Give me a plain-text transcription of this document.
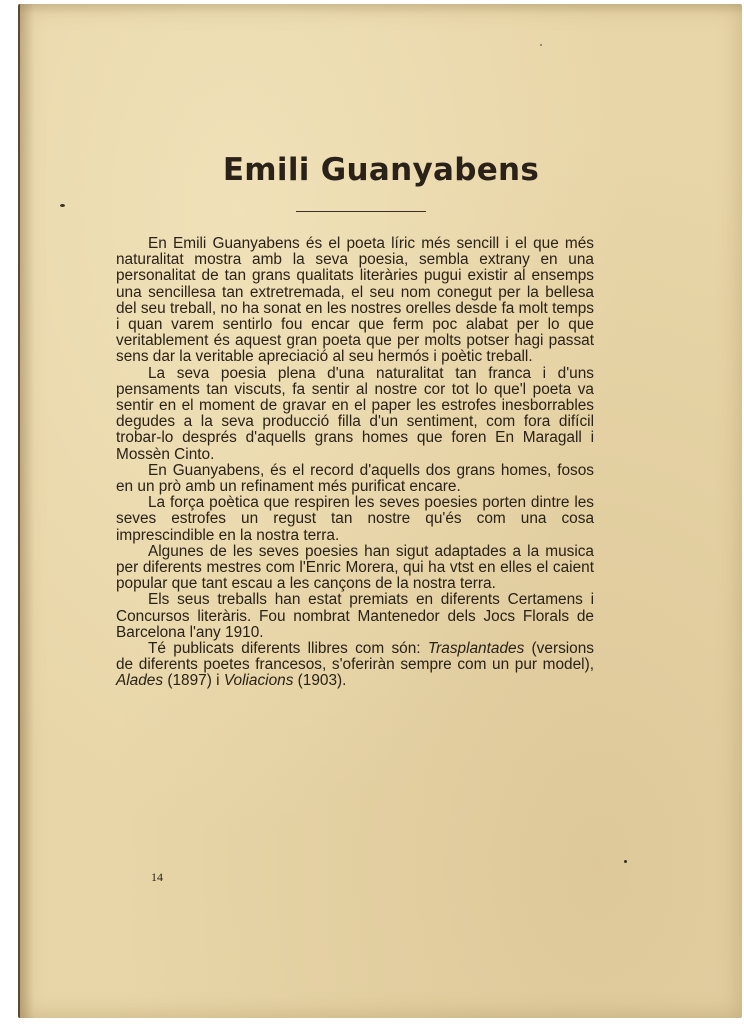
Emili Guanyabens

En Emili Guanyabens és el poeta líric més sencill i el que més naturalitat mostra amb la seva poesia, sembla extrany en una personalitat de tan grans qualitats literàries pugui existir al ensemps una sencillesa tan extretremada, el seu nom conegut per la bellesa del seu treball, no ha sonat en les nostres orelles desde fa molt temps i quan varem sentirlo fou encar que ferm poc alabat per lo que veritablement és aquest gran poeta que per molts potser hagi passat sens dar la veritable apreciació al seu hermós i poètic treball.

La seva poesia plena d'una naturalitat tan franca i d'uns pensaments tan viscuts, fa sentir al nostre cor tot lo que'l poeta va sentir en el moment de gravar en el paper les estrofes inesborrables degudes a la seva producció filla d'un sentiment, com fora difícil trobar-lo després d'aquells grans homes que foren En Maragall i Mossèn Cinto.

En Guanyabens, és el record d'aquells dos grans homes, fosos en un prò amb un refinament més purificat encare.

La força poètica que respiren les seves poesies porten dintre les seves estrofes un regust tan nostre qu'és com una cosa imprescindible en la nostra terra.

Algunes de les seves poesies han sigut adaptades a la musica per diferents mestres com l'Enric Morera, qui ha vtst en elles el caient popular que tant escau a les cançons de la nostra terra.

Els seus treballs han estat premiats en diferents Certamens i Concursos literàris. Fou nombrat Mantenedor dels Jocs Florals de Barcelona l'any 1910.

Té publicats diferents llibres com són: Trasplantades (versions de diferents poetes francesos, s'oferiràn sempre com un pur model), Alades (1897) i Voliacions (1903).

14
